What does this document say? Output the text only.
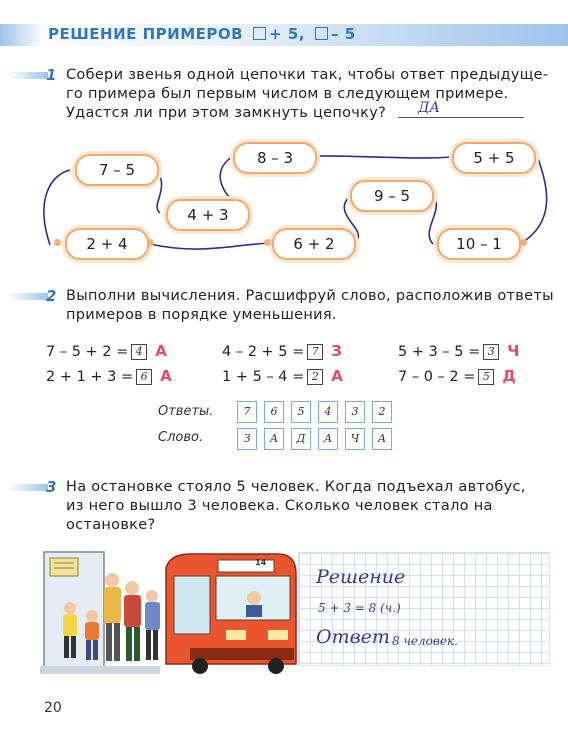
РЕШЕНИЕ ПРИМЕРОВ + 5, – 5
1 Собери звенья одной цепочки так, чтобы ответ предыдуще-
го примера был первым числом в следующем примере.
Удастся ли при этом замкнуть цепочку?	ДА
7 – 5
8 – 3	5 + 5
4 + 3
9 – 5
2 + 4	6 + 2	10 – 1
2 Выполни вычисления. Расшифруй слово, расположив ответы
примеров в порядке уменьшения.
7 – 5 + 2 = 4 А	4 – 2 + 5 = 7 З	5 + 3 – 5 = 3 Ч
2 + 1 + 3 = 6 А	1 + 5 – 4 = 2 А	7 – 0 – 2 = 5 Д
Ответы.
Слово.
7	6	5	4	3	2
З	А	Д	А	Ч	А
3 На остановке стояло 5 человек. Когда подъехал автобус,
из него вышло 3 человека. Сколько человек стало на
остановке?
14
Решение
5 + 3 = 8 (ч.)
Ответ 8 человек.
20
